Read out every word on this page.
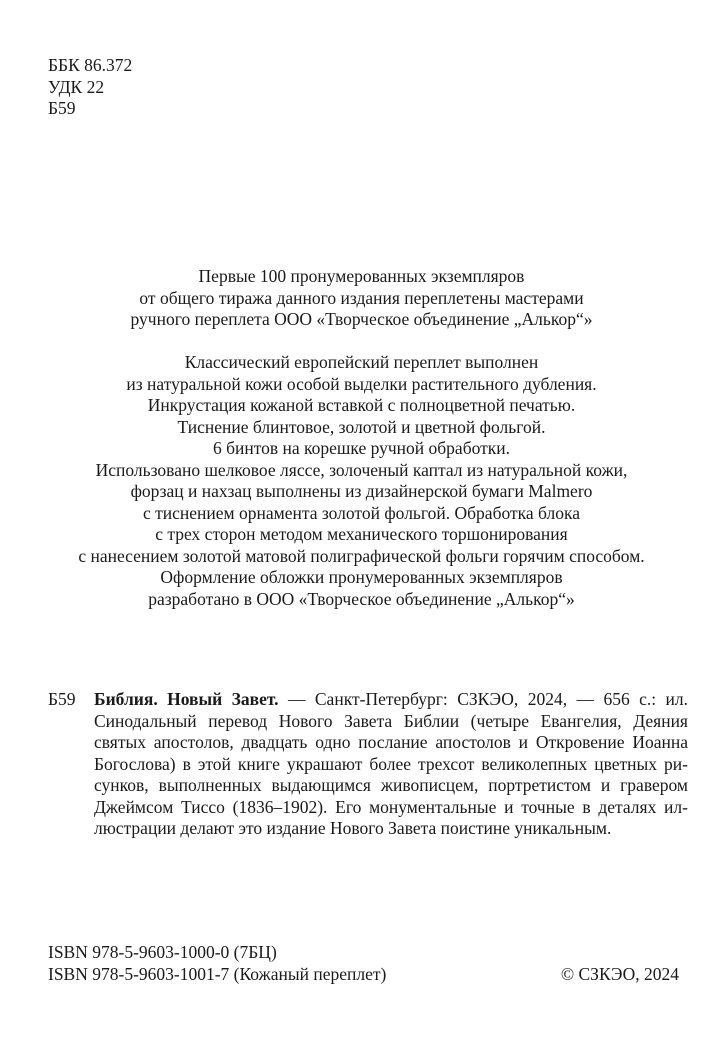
ББК 86.372
УДК 22
Б59
Первые 100 пронумерованных экземпляров
от общего тиража данного издания переплетены мастерами
ручного переплета ООО «Творческое объединение „Алькор“»
Классический европейский переплет выполнен
из натуральной кожи особой выделки растительного дубления.
Инкрустация кожаной вставкой с полноцветной печатью.
Тиснение блинтовое, золотой и цветной фольгой.
6 бинтов на корешке ручной обработки.
Использовано шелковое ляссе, золоченый каптал из натуральной кожи,
форзац и нахзац выполнены из дизайнерской бумаги Malmero
с тиснением орнамента золотой фольгой. Обработка блока
с трех сторон методом механического торшонирования
с нанесением золотой матовой полиграфической фольги горячим способом.
Оформление обложки пронумерованных экземпляров
разработано в ООО «Творческое объединение „Алькор“»
Б59 Библия. Новый Завет. — Санкт-Петербург: СЗКЭО, 2024, — 656 с.: ил.
Синодальный перевод Нового Завета Библии (четыре Евангелия, Деяния
святых апостолов, двадцать одно послание апостолов и Откровение Иоанна
Богослова) в этой книге украшают более трехсот великолепных цветных ри-
сунков, выполненных выдающимся живописцем, портретистом и гравером
Джеймсом Тиссо (1836–1902). Его монументальные и точные в деталях ил-
люстрации делают это издание Нового Завета поистине уникальным.
ISBN 978-5-9603-1000-0 (7БЦ)
ISBN 978-5-9603-1001-7 (Кожаный переплет)	© СЗКЭО, 2024
